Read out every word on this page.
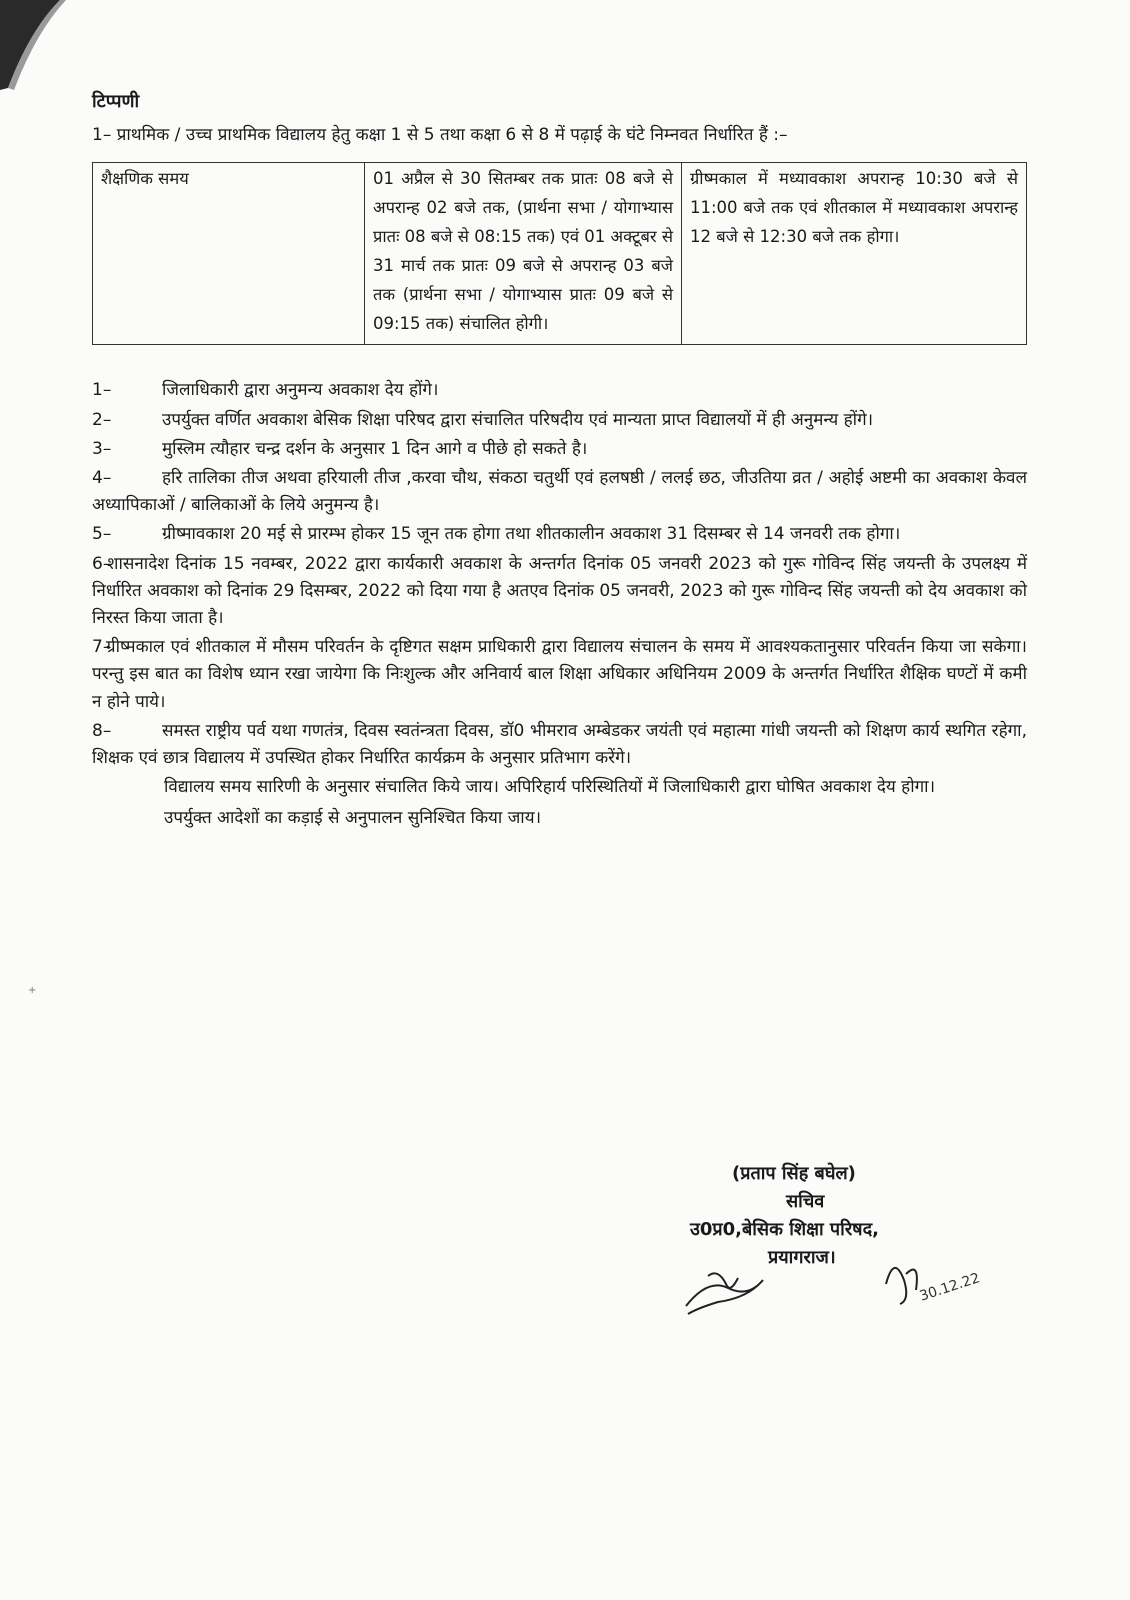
टिप्पणी
1– प्राथमिक / उच्च प्राथमिक विद्यालय हेतु कक्षा 1 से 5 तथा कक्षा 6 से 8 में पढ़ाई के घंटे निम्नवत निर्धारित हैं :–
शैक्षणिक समय	01 अप्रैल से 30 सितम्बर तक प्रातः 08 बजे से अपरान्ह 02 बजे तक, (प्रार्थना सभा / योगाभ्यास प्रातः 08 बजे से 08:15 तक) एवं 01 अक्टूबर से 31 मार्च तक प्रातः 09 बजे से अपरान्ह 03 बजे तक (प्रार्थना सभा / योगाभ्यास प्रातः 09 बजे से 09:15 तक) संचालित होगी।	ग्रीष्मकाल में मध्यावकाश अपरान्ह 10:30 बजे से 11:00 बजे तक एवं शीतकाल में मध्यावकाश अपरान्ह 12 बजे से 12:30 बजे तक होगा।
1–	जिलाधिकारी द्वारा अनुमन्य अवकाश देय होंगे।
2–	उपर्युक्त वर्णित अवकाश बेसिक शिक्षा परिषद द्वारा संचालित परिषदीय एवं मान्यता प्राप्त विद्यालयों में ही अनुमन्य होंगे।
3–	मुस्लिम त्यौहार चन्द्र दर्शन के अनुसार 1 दिन आगे व पीछे हो सकते है।
4–	हरि तालिका तीज अथवा हरियाली तीज ,करवा चौथ, संकठा चतुर्थी एवं हलषष्ठी / ललई छठ, जीउतिया व्रत / अहोई अष्टमी का अवकाश केवल अध्यापिकाओं / बालिकाओं के लिये अनुमन्य है।
5–	ग्रीष्मावकाश 20 मई से प्रारम्भ होकर 15 जून तक होगा तथा शीतकालीन अवकाश 31 दिसम्बर से 14 जनवरी तक होगा।
6– शासनादेश दिनांक 15 नवम्बर, 2022 द्वारा कार्यकारी अवकाश के अन्तर्गत दिनांक 05 जनवरी 2023 को गुरू गोविन्द सिंह जयन्ती के उपलक्ष्य में निर्धारित अवकाश को दिनांक 29 दिसम्बर, 2022 को दिया गया है अतएव दिनांक 05 जनवरी, 2023 को गुरू गोविन्द सिंह जयन्ती को देय अवकाश को निरस्त किया जाता है।
7– ग्रीष्मकाल एवं शीतकाल में मौसम परिवर्तन के दृष्टिगत सक्षम प्राधिकारी द्वारा विद्यालय संचालन के समय में आवश्यकतानुसार परिवर्तन किया जा सकेगा। परन्तु इस बात का विशेष ध्यान रखा जायेगा कि निःशुल्क और अनिवार्य बाल शिक्षा अधिकार अधिनियम 2009 के अन्तर्गत निर्धारित शैक्षिक घण्टों में कमी न होने पाये।
8–	समस्त राष्ट्रीय पर्व यथा गणतंत्र, दिवस स्वतंन्त्रता दिवस, डॉ0 भीमराव अम्बेडकर जयंती एवं महात्मा गांधी जयन्ती को शिक्षण कार्य स्थगित रहेगा, शिक्षक एवं छात्र विद्यालय में उपस्थित होकर निर्धारित कार्यक्रम के अनुसार प्रतिभाग करेंगे।
विद्यालय समय सारिणी के अनुसार संचालित किये जाय। अपिरिहार्य परिस्थितियों में जिलाधिकारी द्वारा घोषित अवकाश देय होगा।
उपर्युक्त आदेशों का कड़ाई से अनुपालन सुनिश्चित किया जाय।
(प्रताप सिंह बघेल)
सचिव
उ0प्र0,बेसिक शिक्षा परिषद,
प्रयागराज।
30.12.22
+
